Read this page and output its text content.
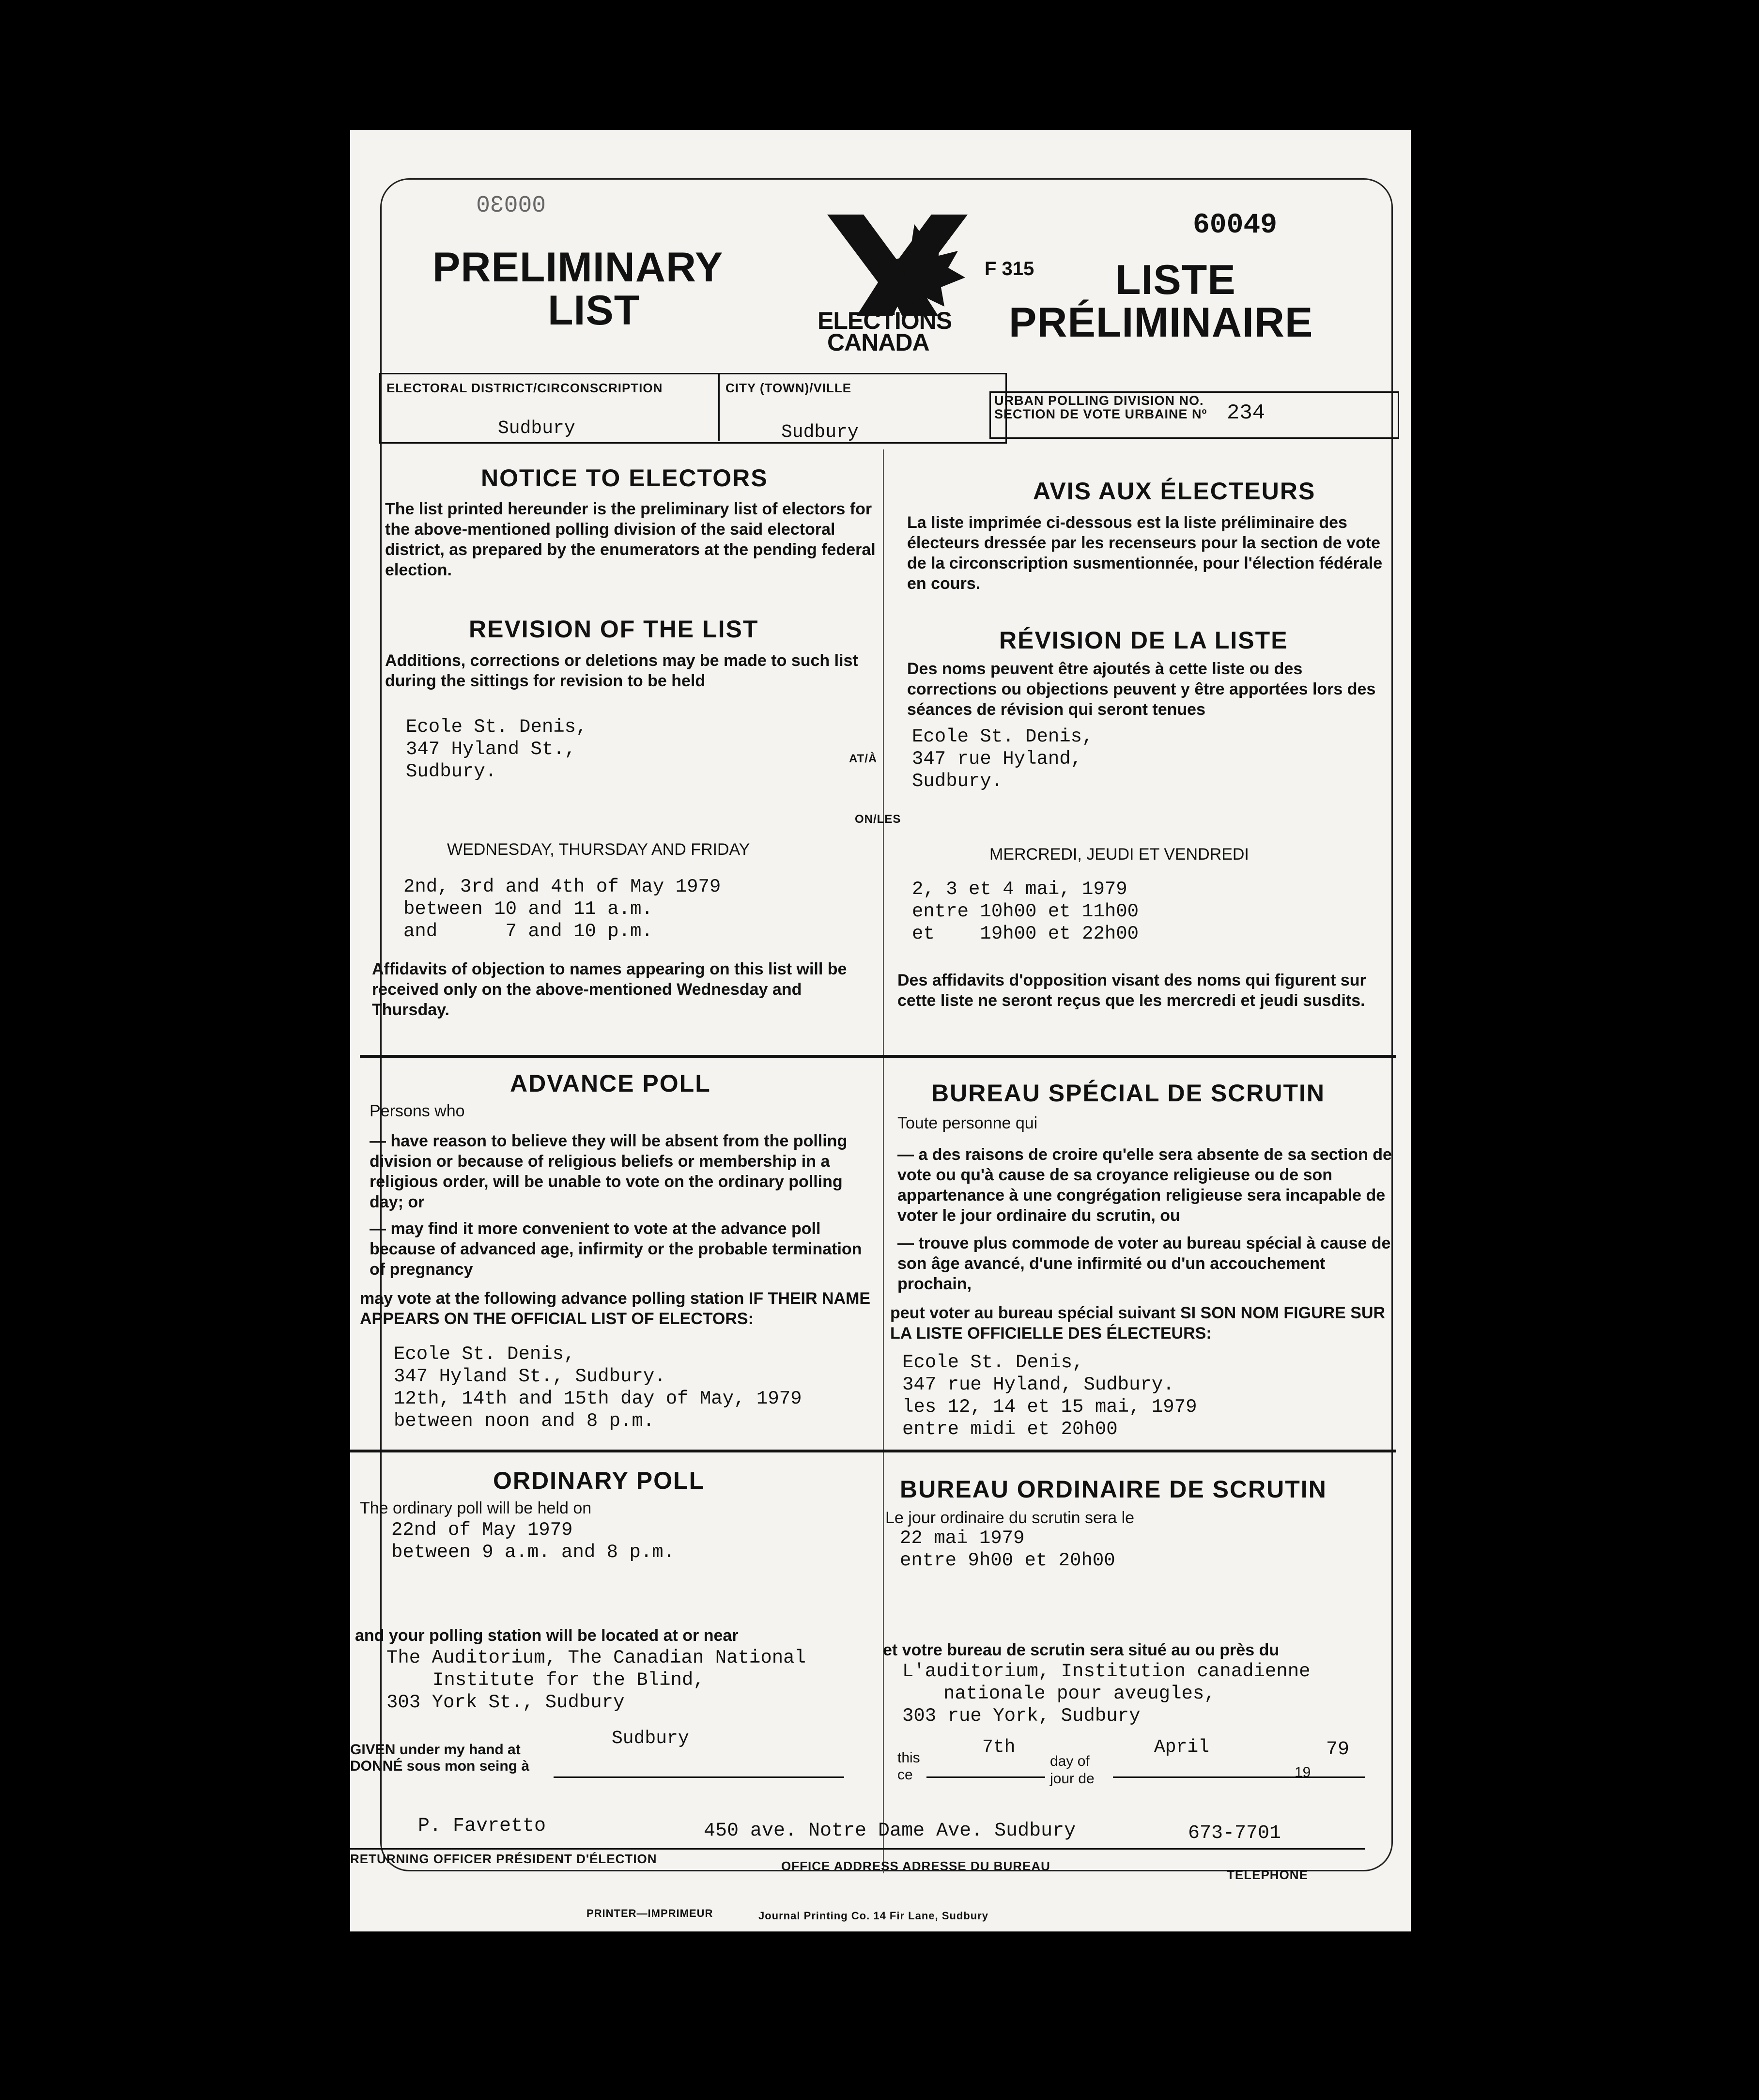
00030
60049
PRELIMINARY
LIST	ELECTIONS
CANADA
F 315 LISTE
PRÉLIMINAIRE
ELECTORAL DISTRICT/CIRCONSCRIPTION
Sudbury
CITY (TOWN)/VILLE
Sudbury
URBAN POLLING DIVISION NO.
SECTION DE VOTE URBAINE Nº 234
NOTICE TO ELECTORS
The list printed hereunder is the preliminary list of electors for the above-mentioned polling division of the said electoral district, as prepared by the enumerators at the pending federal election.
AVIS AUX ÉLECTEURS
La liste imprimée ci-dessous est la liste préliminaire des électeurs dressée par les recenseurs pour la section de vote de la circonscription susmentionnée, pour l'élection fédérale en cours.
REVISION OF THE LIST
Additions, corrections or deletions may be made to such list during the sittings for revision to be held
RÉVISION DE LA LISTE
Des noms peuvent être ajoutés à cette liste ou des corrections ou objections peuvent y être apportées lors des séances de révision qui seront tenues
Ecole St. Denis,
347 Hyland St.,
Sudbury.
AT/À
Ecole St. Denis,
347 rue Hyland,
Sudbury.
ON/LES
WEDNESDAY, THURSDAY AND FRIDAY	MERCREDI, JEUDI ET VENDREDI
2nd, 3rd and 4th of May 1979
between 10 and 11 a.m.
and      7 and 10 p.m.
2, 3 et 4 mai, 1979
entre 10h00 et 11h00
et    19h00 et 22h00
Affidavits of objection to names appearing on this list will be received only on the above-mentioned Wednesday and Thursday.
Des affidavits d'opposition visant des noms qui figurent sur cette liste ne seront reçus que les mercredi et jeudi susdits.
ADVANCE POLL
Persons who
— have reason to believe they will be absent from the polling division or because of religious beliefs or membership in a religious order, will be unable to vote on the ordinary polling day; or
— may find it more convenient to vote at the advance poll because of advanced age, infirmity or the probable termination of pregnancy
may vote at the following advance polling station IF THEIR NAME APPEARS ON THE OFFICIAL LIST OF ELECTORS:
BUREAU SPÉCIAL DE SCRUTIN
Toute personne qui
— a des raisons de croire qu'elle sera absente de sa section de vote ou qu'à cause de sa croyance religieuse ou de son appartenance à une congrégation religieuse sera incapable de voter le jour ordinaire du scrutin, ou
— trouve plus commode de voter au bureau spécial à cause de son âge avancé, d'une infirmité ou d'un accouchement prochain,
peut voter au bureau spécial suivant SI SON NOM FIGURE SUR LA LISTE OFFICIELLE DES ÉLECTEURS:
Ecole St. Denis,
347 Hyland St., Sudbury.
12th, 14th and 15th day of May, 1979
between noon and 8 p.m.
Ecole St. Denis,
347 rue Hyland, Sudbury.
les 12, 14 et 15 mai, 1979
entre midi et 20h00
ORDINARY POLL
The ordinary poll will be held on
22nd of May 1979
between 9 a.m. and 8 p.m.
BUREAU ORDINAIRE DE SCRUTIN
Le jour ordinaire du scrutin sera le
22 mai 1979
entre 9h00 et 20h00
and your polling station will be located at or near
The Auditorium, The Canadian National
Institute for the Blind,
303 York St., Sudbury
et votre bureau de scrutin sera situé au ou près du
L'auditorium, Institution canadienne
nationale pour aveugles,
303 rue York, Sudbury
GIVEN under my hand at
DONNÉ sous mon seing à
Sudbury
this
ce
7th
day of
jour de
April
19
79
P. Favretto	450 ave. Notre Dame Ave. Sudbury	673-7701
RETURNING OFFICER PRÉSIDENT D'ÉLECTION	OFFICE ADDRESS ADRESSE DU BUREAU
TELEPHONE
PRINTER—IMPRIMEUR	Journal Printing Co. 14 Fir Lane, Sudbury
